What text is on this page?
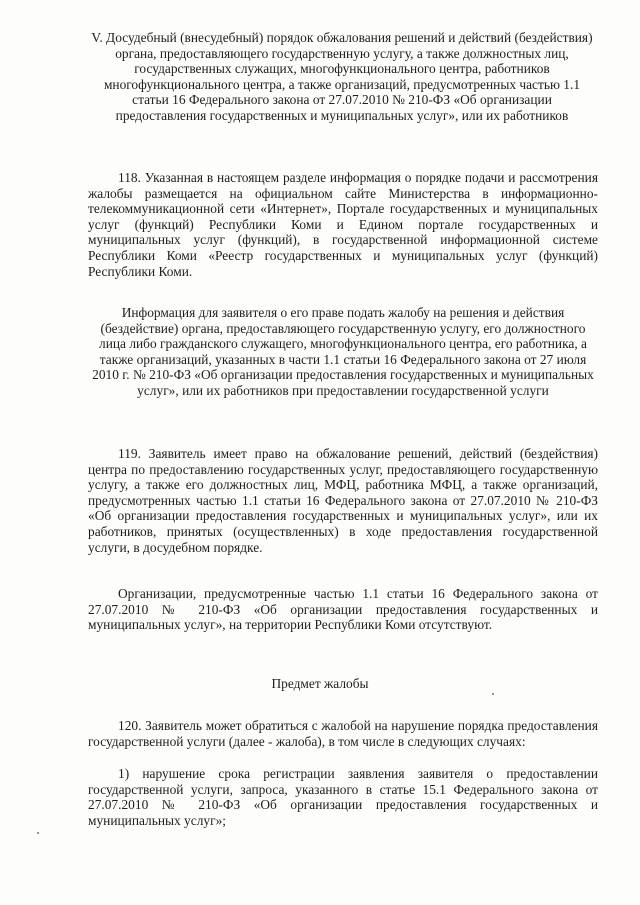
V. Досудебный (внесудебный) порядок обжалования решений и действий (бездействия) органа, предоставляющего государственную услугу, а также должностных лиц, государственных служащих, многофункционального центра, работников многофункционального центра, а также организаций, предусмотренных частью 1.1 статьи 16 Федерального закона от 27.07.2010 № 210-ФЗ «Об организации предоставления государственных и муниципальных услуг», или их работников

118. Указанная в настоящем разделе информация о порядке подачи и рассмотрения жалобы размещается на официальном сайте Министерства в информационно-телекоммуникационной сети «Интернет», Портале государственных и муниципальных услуг (функций) Республики Коми и Едином портале государственных и муниципальных услуг (функций), в государственной информационной системе Республики Коми «Реестр государственных и муниципальных услуг (функций) Республики Коми.

Информация для заявителя о его праве подать жалобу на решения и действия (бездействие) органа, предоставляющего государственную услугу, его должностного лица либо гражданского служащего, многофункционального центра, его работника, а также организаций, указанных в части 1.1 статьи 16 Федерального закона от 27 июля 2010 г. № 210-ФЗ «Об организации предоставления государственных и муниципальных услуг», или их работников при предоставлении государственной услуги

119. Заявитель имеет право на обжалование решений, действий (бездействия) центра по предоставлению государственных услуг, предоставляющего государственную услугу, а также его должностных лиц, МФЦ, работника МФЦ, а также организаций, предусмотренных частью 1.1 статьи 16 Федерального закона от 27.07.2010 № 210-ФЗ «Об организации предоставления государственных и муниципальных услуг», или их работников, принятых (осуществленных) в ходе предоставления государственной услуги, в досудебном порядке.

Организации, предусмотренные частью 1.1 статьи 16 Федерального закона от 27.07.2010 № 210-ФЗ «Об организации предоставления государственных и муниципальных услуг», на территории Республики Коми отсутствуют.

Предмет жалобы

120. Заявитель может обратиться с жалобой на нарушение порядка предоставления государственной услуги (далее - жалоба), в том числе в следующих случаях:

1) нарушение срока регистрации заявления заявителя о предоставлении государственной услуги, запроса, указанного в статье 15.1 Федерального закона от 27.07.2010 № 210-ФЗ «Об организации предоставления государственных и муниципальных услуг»;
